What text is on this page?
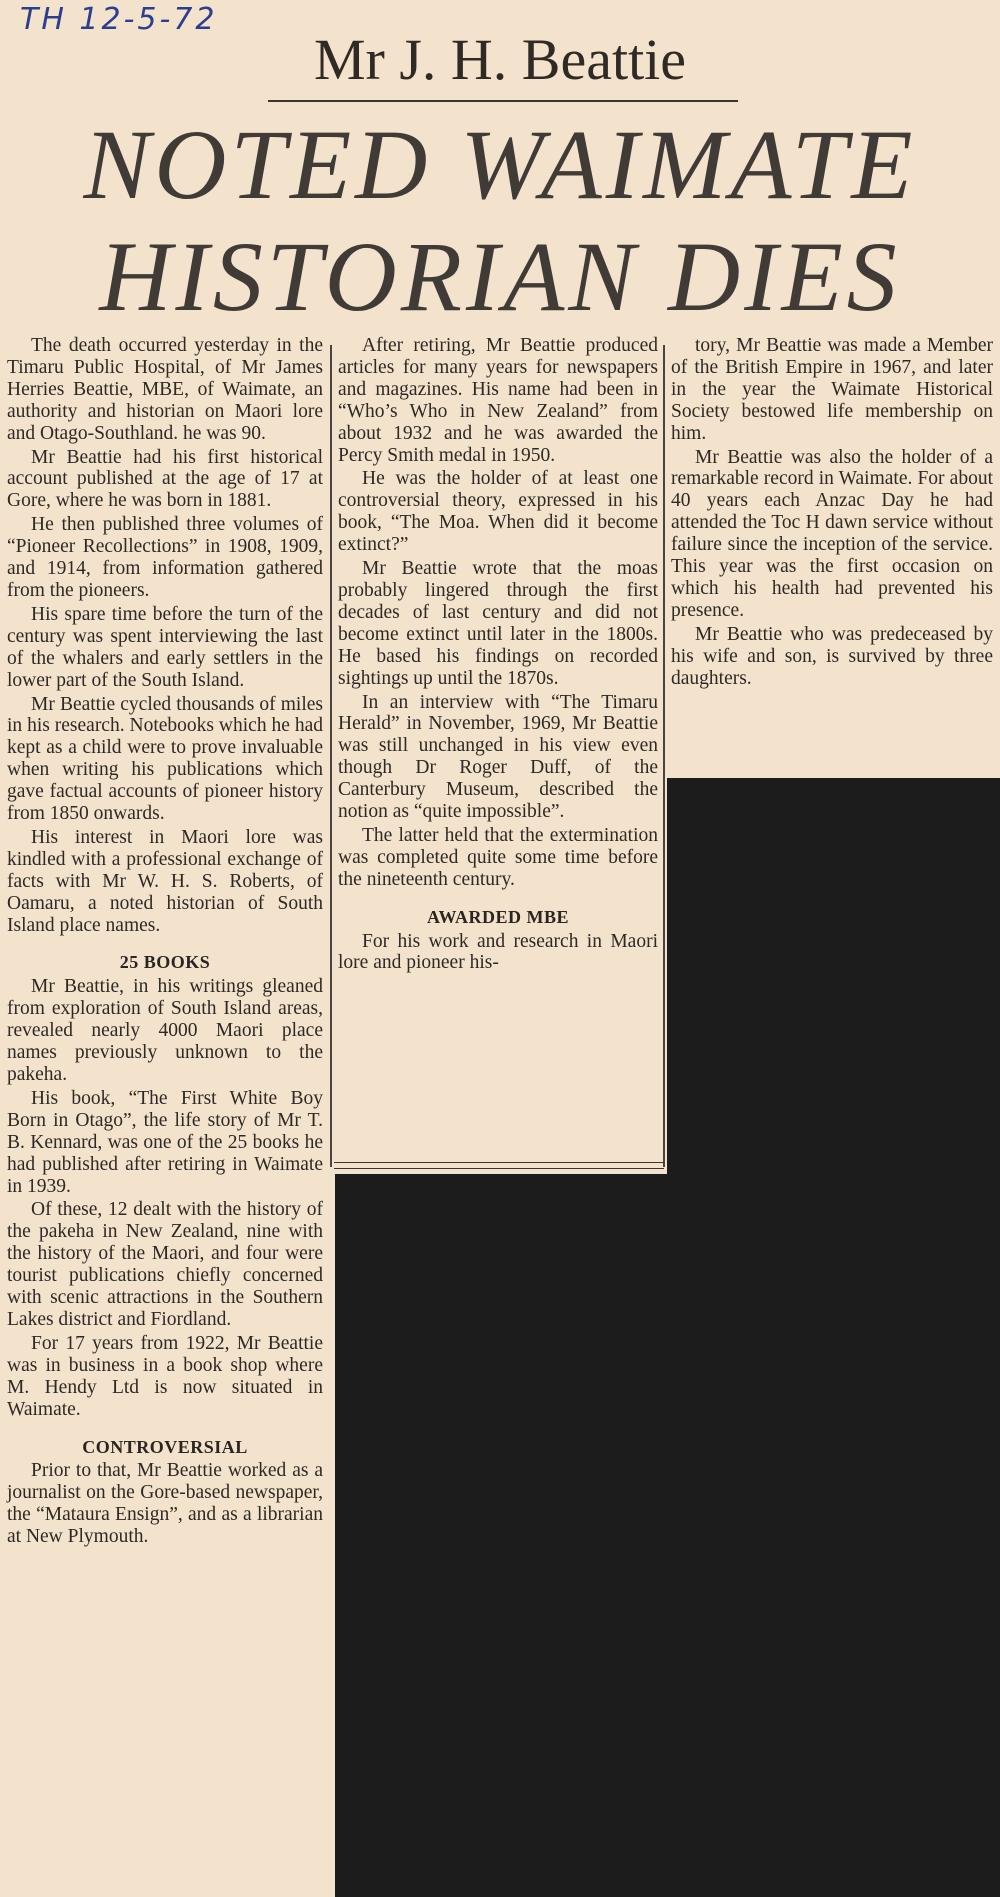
TH 12-5-72
Mr J. H. Beattie
NOTED WAIMATE
HISTORIAN DIES

The death occurred yesterday in the Timaru Public Hospital, of Mr James Herries Beattie, MBE, of Waimate, an authority and historian on Maori lore and Otago-Southland. he was 90.

Mr Beattie had his first historical account published at the age of 17 at Gore, where he was born in 1881.

He then published three volumes of “Pioneer Recollections” in 1908, 1909, and 1914, from information gathered from the pioneers.

His spare time before the turn of the century was spent interviewing the last of the whalers and early settlers in the lower part of the South Island.

Mr Beattie cycled thousands of miles in his research. Notebooks which he had kept as a child were to prove invaluable when writing his publications which gave factual accounts of pioneer history from 1850 onwards.

His interest in Maori lore was kindled with a professional exchange of facts with Mr W. H. S. Roberts, of Oamaru, a noted historian of South Island place names.

25 BOOKS

Mr Beattie, in his writings gleaned from exploration of South Island areas, revealed nearly 4000 Maori place names previously unknown to the pakeha.

His book, “The First White Boy Born in Otago”, the life story of Mr T. B. Kennard, was one of the 25 books he had published after retiring in Waimate in 1939.

Of these, 12 dealt with the history of the pakeha in New Zealand, nine with the history of the Maori, and four were tourist publications chiefly concerned with scenic attractions in the Southern Lakes district and Fiordland.

For 17 years from 1922, Mr Beattie was in business in a book shop where M. Hendy Ltd is now situated in Waimate.

CONTROVERSIAL

Prior to that, Mr Beattie worked as a journalist on the Gore-based newspaper, the “Mataura Ensign”, and as a librarian at New Plymouth.

After retiring, Mr Beattie produced articles for many years for newspapers and magazines. His name had been in “Who’s Who in New Zealand” from about 1932 and he was awarded the Percy Smith medal in 1950.

He was the holder of at least one controversial theory, expressed in his book, “The Moa. When did it become extinct?”

Mr Beattie wrote that the moas probably lingered through the first decades of last century and did not become extinct until later in the 1800s. He based his findings on recorded sightings up until the 1870s.

In an interview with “The Timaru Herald” in November, 1969, Mr Beattie was still unchanged in his view even though Dr Roger Duff, of the Canterbury Museum, described the notion as “quite impossible”.

The latter held that the extermination was completed quite some time before the nineteenth century.

AWARDED MBE

For his work and research in Maori lore and pioneer his-

tory, Mr Beattie was made a Member of the British Empire in 1967, and later in the year the Waimate Historical Society bestowed life membership on him.

Mr Beattie was also the holder of a remarkable record in Waimate. For about 40 years each Anzac Day he had attended the Toc H dawn service without failure since the inception of the service. This year was the first occasion on which his health had prevented his presence.

Mr Beattie who was predeceased by his wife and son, is survived by three daughters.
